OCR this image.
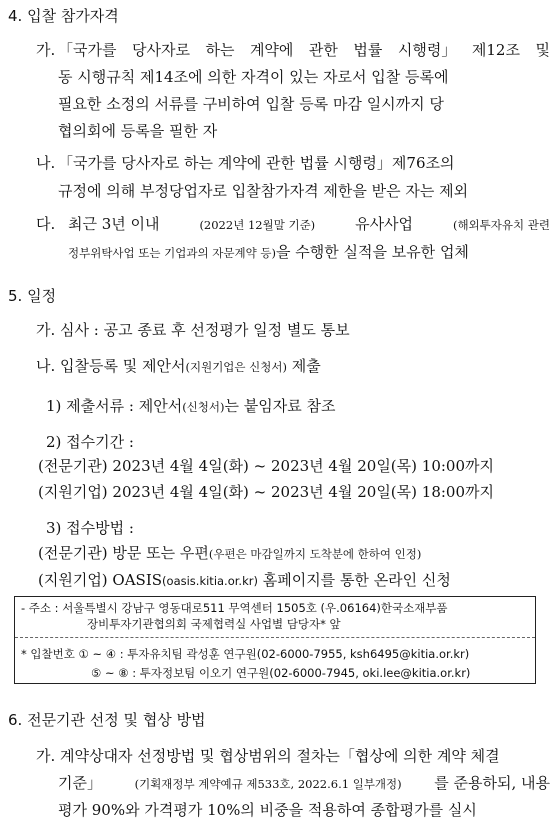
4. 입찰 참가자격
가. 「국가를 당사자로 하는 계약에 관한 법률 시행령」 제12조 및
동 시행규칙 제14조에 의한 자격이 있는 자로서 입찰 등록에
필요한 소정의 서류를 구비하여 입찰 등록 마감 일시까지 당
협의회에 등록을 필한 자
나. 「국가를 당사자로 하는 계약에 관한 법률 시행령」제76조의
규정에 의해 부정당업자로 입찰참가자격 제한을 받은 자는 제외
다. 최근 3년 이내	(2022년 12월말 기준)	유사사업	(해외투자유치 관련
정부위탁사업 또는 기업과의 자문계약 등)을 수행한 실적을 보유한 업체
5. 일정
가. 심사 : 공고 종료 후 선정평가 일정 별도 통보
나. 입찰등록 및 제안서(지원기업은 신청서) 제출
1) 제출서류 : 제안서(신청서)는 붙임자료 참조
2) 접수기간 :
(전문기관) 2023년 4월 4일(화) ~ 2023년 4월 20일(목) 10:00까지
(지원기업) 2023년 4월 4일(화) ~ 2023년 4월 20일(목) 18:00까지
3) 접수방법 :
(전문기관) 방문 또는 우편(우편은 마감일까지 도착분에 한하여 인정)
(지원기업) OASIS(oasis.kitia.or.kr) 홈페이지를 통한 온라인 신청
- 주소 : 서울특별시 강남구 영동대로511 무역센터 1505호 (우.06164)한국소재부품
장비투자기관협의회 국제협력실 사업별 담당자* 앞
* 입찰번호 ① ~ ④ : 투자유치팀 곽성훈 연구원(02-6000-7955, ksh6495@kitia.or.kr)
⑤ ~ ⑧ : 투자정보팀 이오기 연구원(02-6000-7945, oki.lee@kitia.or.kr)
6. 전문기관 선정 및 협상 방법
가. 계약상대자 선정방법 및 협상범위의 절차는「협상에 의한 계약 체결
기준」	(기획재정부 계약예규 제533호, 2022.6.1 일부개정) 를 준용하되, 내용
평가 90%와 가격평가 10%의 비중을 적용하여 종합평가를 실시
